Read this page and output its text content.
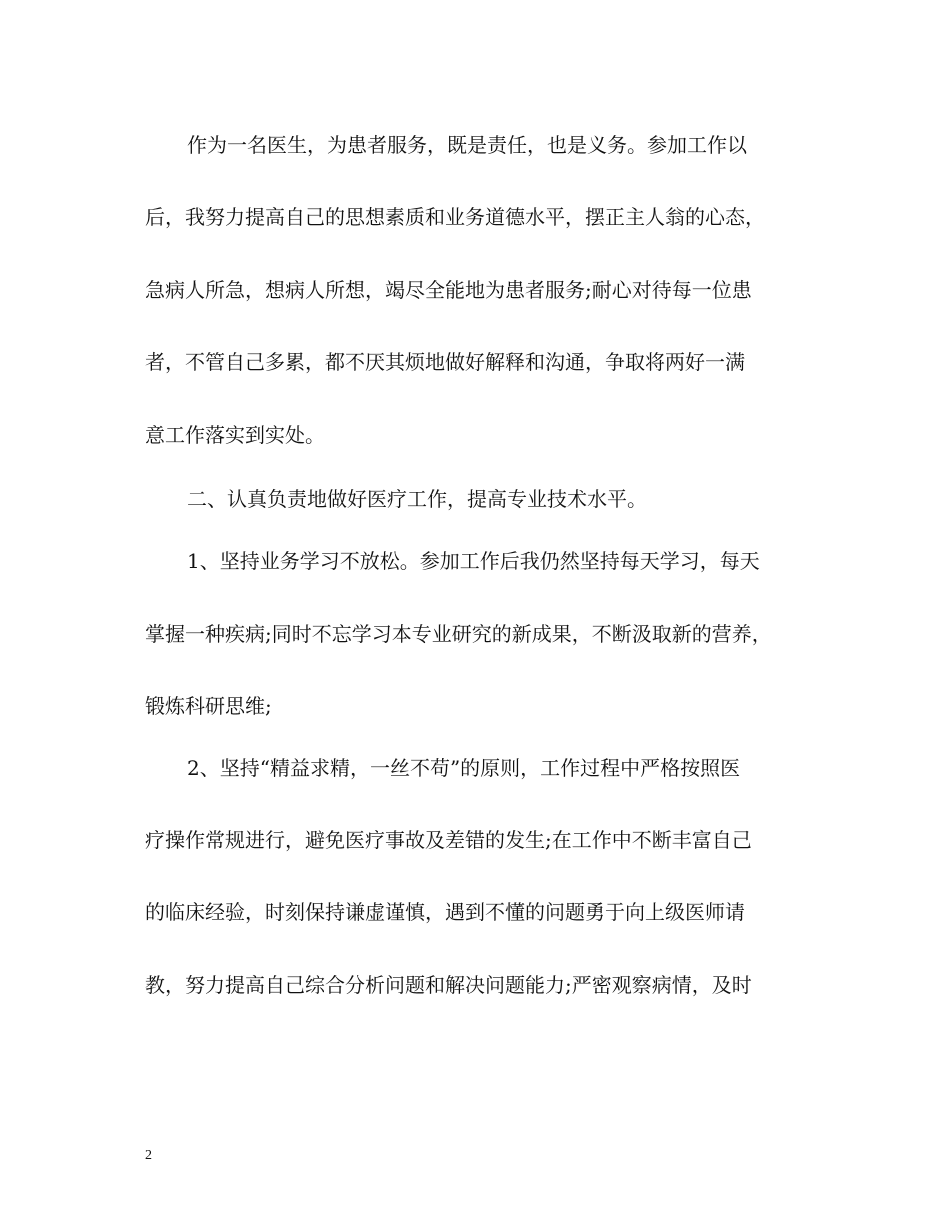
作为一名医生，为患者服务，既是责任，也是义务。参加工作以

后，我努力提高自己的思想素质和业务道德水平，摆正主人翁的心态，

急病人所急，想病人所想，竭尽全能地为患者服务;耐心对待每一位患

者，不管自己多累，都不厌其烦地做好解释和沟通，争取将两好一满

意工作落实到实处。

二、认真负责地做好医疗工作，提高专业技术水平。

1、坚持业务学习不放松。参加工作后我仍然坚持每天学习，每天

掌握一种疾病;同时不忘学习本专业研究的新成果，不断汲取新的营养，

锻炼科研思维;

2、坚持“精益求精，一丝不苟”的原则，工作过程中严格按照医

疗操作常规进行，避免医疗事故及差错的发生;在工作中不断丰富自己

的临床经验，时刻保持谦虚谨慎，遇到不懂的问题勇于向上级医师请

教，努力提高自己综合分析问题和解决问题能力;严密观察病情，及时

2
